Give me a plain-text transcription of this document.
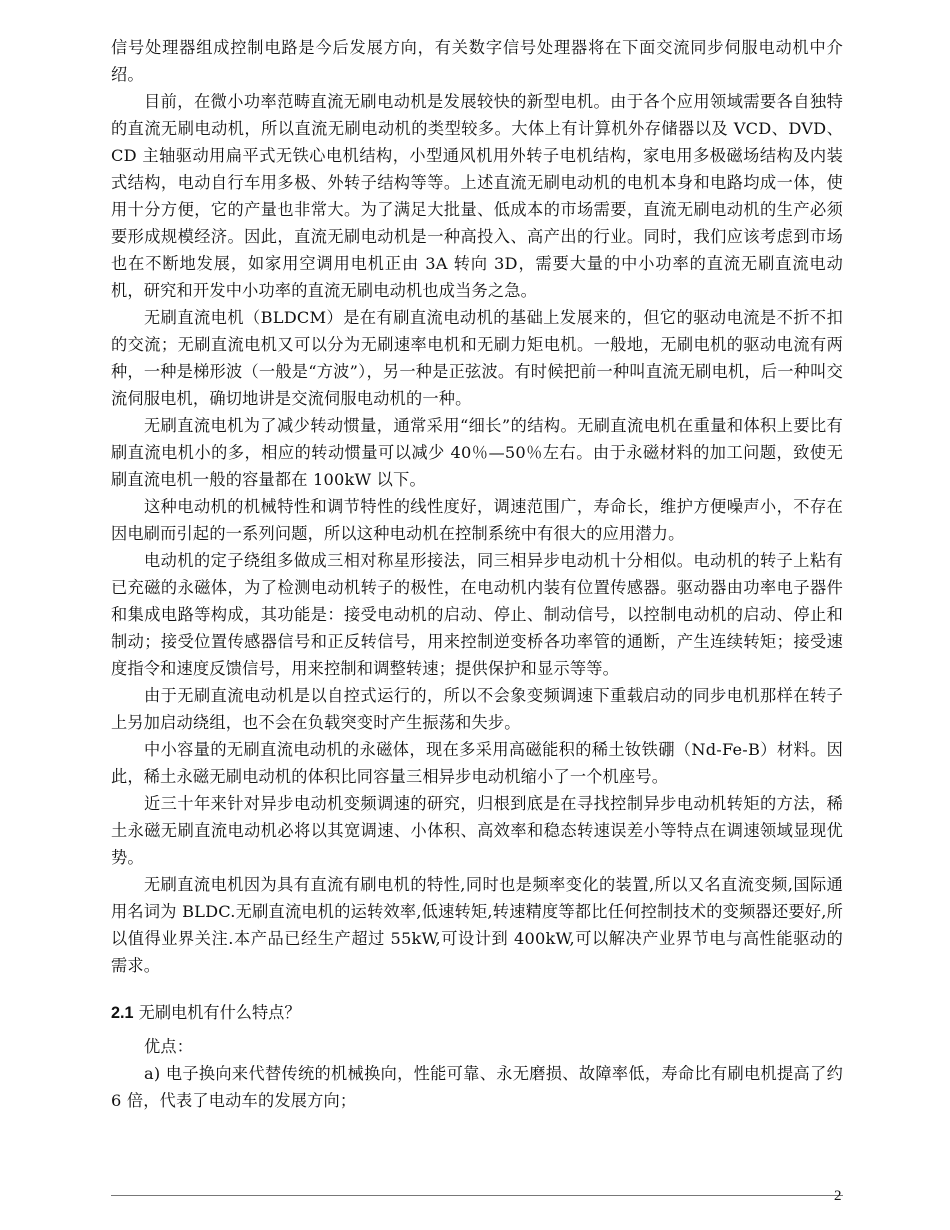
信号处理器组成控制电路是今后发展方向，有关数字信号处理器将在下面交流同步伺服电动机中介绍。

目前，在微小功率范畴直流无刷电动机是发展较快的新型电机。由于各个应用领域需要各自独特的直流无刷电动机，所以直流无刷电动机的类型较多。大体上有计算机外存储器以及 VCD、DVD、CD 主轴驱动用扁平式无铁心电机结构，小型通风机用外转子电机结构，家电用多极磁场结构及内装式结构，电动自行车用多极、外转子结构等等。上述直流无刷电动机的电机本身和电路均成一体，使用十分方便，它的产量也非常大。为了满足大批量、低成本的市场需要，直流无刷电动机的生产必须要形成规模经济。因此，直流无刷电动机是一种高投入、高产出的行业。同时，我们应该考虑到市场也在不断地发展，如家用空调用电机正由 3A 转向 3D，需要大量的中小功率的直流无刷直流电动机，研究和开发中小功率的直流无刷电动机也成当务之急。

无刷直流电机（BLDCM）是在有刷直流电动机的基础上发展来的，但它的驱动电流是不折不扣的交流；无刷直流电机又可以分为无刷速率电机和无刷力矩电机。一般地，无刷电机的驱动电流有两种，一种是梯形波（一般是“方波”），另一种是正弦波。有时候把前一种叫直流无刷电机，后一种叫交流伺服电机，确切地讲是交流伺服电动机的一种。

无刷直流电机为了减少转动惯量，通常采用“细长”的结构。无刷直流电机在重量和体积上要比有刷直流电机小的多，相应的转动惯量可以减少 40％—50％左右。由于永磁材料的加工问题，致使无刷直流电机一般的容量都在 100kW 以下。

这种电动机的机械特性和调节特性的线性度好，调速范围广，寿命长，维护方便噪声小，不存在因电刷而引起的一系列问题，所以这种电动机在控制系统中有很大的应用潜力。

电动机的定子绕组多做成三相对称星形接法，同三相异步电动机十分相似。电动机的转子上粘有已充磁的永磁体，为了检测电动机转子的极性，在电动机内装有位置传感器。驱动器由功率电子器件和集成电路等构成，其功能是：接受电动机的启动、停止、制动信号，以控制电动机的启动、停止和制动；接受位置传感器信号和正反转信号，用来控制逆变桥各功率管的通断，产生连续转矩；接受速度指令和速度反馈信号，用来控制和调整转速；提供保护和显示等等。

由于无刷直流电动机是以自控式运行的，所以不会象变频调速下重载启动的同步电机那样在转子上另加启动绕组，也不会在负载突变时产生振荡和失步。

中小容量的无刷直流电动机的永磁体，现在多采用高磁能积的稀土钕铁硼（Nd-Fe-B）材料。因此，稀土永磁无刷电动机的体积比同容量三相异步电动机缩小了一个机座号。

近三十年来针对异步电动机变频调速的研究，归根到底是在寻找控制异步电动机转矩的方法，稀土永磁无刷直流电动机必将以其宽调速、小体积、高效率和稳态转速误差小等特点在调速领域显现优势。

无刷直流电机因为具有直流有刷电机的特性,同时也是频率变化的装置,所以又名直流变频,国际通用名词为 BLDC.无刷直流电机的运转效率,低速转矩,转速精度等都比任何控制技术的变频器还要好,所以值得业界关注.本产品已经生产超过 55kW,可设计到 400kW,可以解决产业界节电与高性能驱动的需求。

2.1 无刷电机有什么特点？

优点：

a) 电子换向来代替传统的机械换向，性能可靠、永无磨损、故障率低，寿命比有刷电机提高了约 6 倍，代表了电动车的发展方向；

2
